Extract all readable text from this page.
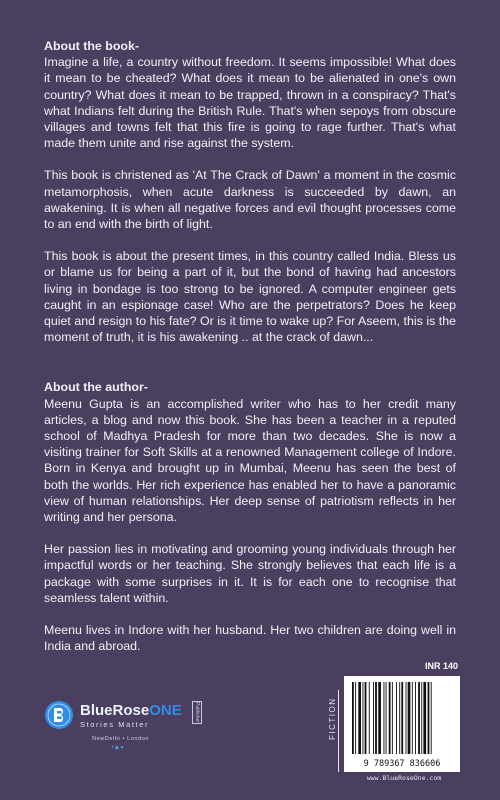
About the book-

Imagine a life, a country without freedom. It seems impossible! What does it mean to be cheated? What does it mean to be alienated in one's own country? What does it mean to be trapped, thrown in a conspiracy? That's what Indians felt during the British Rule. That's when sepoys from obscure villages and towns felt that this fire is going to rage further. That's what made them unite and rise against the system.

This book is christened as 'At The Crack of Dawn' a moment in the cosmic metamorphosis, when acute darkness is succeeded by dawn, an awakening. It is when all negative forces and evil thought processes come to an end with the birth of light.

This book is about the present times, in this country called India. Bless us or blame us for being a part of it, but the bond of having had ancestors living in bondage is too strong to be ignored. A computer engineer gets caught in an espionage case! Who are the perpetrators? Does he keep quiet and resign to his fate? Or is it time to wake up? For Aseem, this is the moment of truth, it is his awakening .. at the crack of dawn...

About the author-

Meenu Gupta is an accomplished writer who has to her credit many articles, a blog and now this book. She has been a teacher in a reputed school of Madhya Pradesh for more than two decades. She is now a visiting trainer for Soft Skills at a renowned Management college of Indore. Born in Kenya and brought up in Mumbai, Meenu has seen the best of both the worlds. Her rich experience has enabled her to have a panoramic view of human relationships. Her deep sense of patriotism reflects in her writing and her persona.

Her passion lies in motivating and grooming young individuals through her impactful words or her teaching. She strongly believes that each life is a package with some surprises in it. It is for each one to recognise that seamless talent within.

Meenu lives in Indore with her husband. Her two children are doing well in India and abroad.

BlueRoseONE	Publisher
Stories Matter
NewDelhi • London
f ◉ ♥
INR 140
FICTION
9 789367 836606
www.BlueRoseOne.com
